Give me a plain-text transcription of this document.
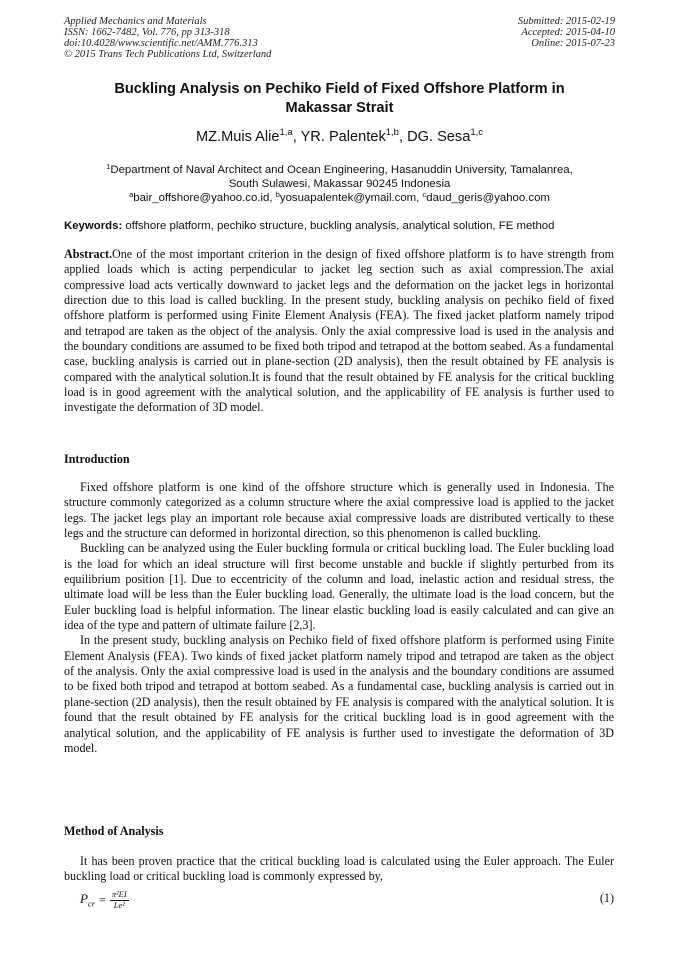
Applied Mechanics and Materials
ISSN: 1662-7482, Vol. 776, pp 313-318
doi:10.4028/www.scientific.net/AMM.776.313
© 2015 Trans Tech Publications Ltd, Switzerland
Submitted: 2015-02-19
Accepted: 2015-04-10
Online: 2015-07-23
Buckling Analysis on Pechiko Field of Fixed Offshore Platform in
Makassar Strait
MZ.Muis Alie$^{1,a}$, YR. Palentek$^{1,b}$, DG. Sesa$^{1,c}$
$^1$Department of Naval Architect and Ocean Engineering, Hasanuddin University, Tamalanrea,
South Sulawesi, Makassar 90245 Indonesia
$^a$bair_offshore@yahoo.co.id, $^b$yosuapalentek@ymail.com, $^c$daud_geris@yahoo.com
Keywords: offshore platform, pechiko structure, buckling analysis, analytical solution, FE method
Abstract.One of the most important criterion in the design of fixed offshore platform is to have strength from applied loads which is acting perpendicular to jacket leg section such as axial compression.The axial compressive load acts vertically downward to jacket legs and the deformation on the jacket legs in horizontal direction due to this load is called buckling. In the present study, buckling analysis on pechiko field of fixed offshore platform is performed using Finite Element Analysis (FEA). The fixed jacket platform namely tripod and tetrapod are taken as the object of the analysis. Only the axial compressive load is used in the analysis and the boundary conditions are assumed to be fixed both tripod and tetrapod at the bottom seabed. As a fundamental case, buckling analysis is carried out in plane-section (2D analysis), then the result obtained by FE analysis is compared with the analytical solution.It is found that the result obtained by FE analysis for the critical buckling load is in good agreement with the analytical solution, and the applicability of FE analysis is further used to investigate the deformation of 3D model.
Introduction

Fixed offshore platform is one kind of the offshore structure which is generally used in Indonesia. The structure commonly categorized as a column structure where the axial compressive load is applied to the jacket legs. The jacket legs play an important role because axial compressive loads are distributed vertically to these legs and the structure can deformed in horizontal direction, so this phenomenon is called buckling.

Buckling can be analyzed using the Euler buckling formula or critical buckling load. The Euler buckling load is the load for which an ideal structure will first become unstable and buckle if slightly perturbed from its equilibrium position [1]. Due to eccentricity of the column and load, inelastic action and residual stress, the ultimate load will be less than the Euler buckling load. Generally, the ultimate load is the load concern, but the Euler buckling load is helpful information. The linear elastic buckling load is easily calculated and can give an idea of the type and pattern of ultimate failure [2,3].

In the present study, buckling analysis on Pechiko field of fixed offshore platform is performed using Finite Element Analysis (FEA). Two kinds of fixed jacket platform namely tripod and tetrapod are taken as the object of the analysis. Only the axial compressive load is used in the analysis and the boundary conditions are assumed to be fixed both tripod and tetrapod at bottom seabed. As a fundamental case, buckling analysis is carried out in plane-section (2D analysis), then the result obtained by FE analysis is compared with the analytical solution. It is found that the result obtained by FE analysis for the critical buckling load is in good agreement with the analytical solution, and the applicability of FE analysis is further used to investigate the deformation of 3D model.

Method of Analysis

It has been proven practice that the critical buckling load is calculated using the Euler approach. The Euler buckling load or critical buckling load is commonly expressed by,

$P_{cr} = \frac{\text{π²EI}}{\text{Le²}}$	(1)
